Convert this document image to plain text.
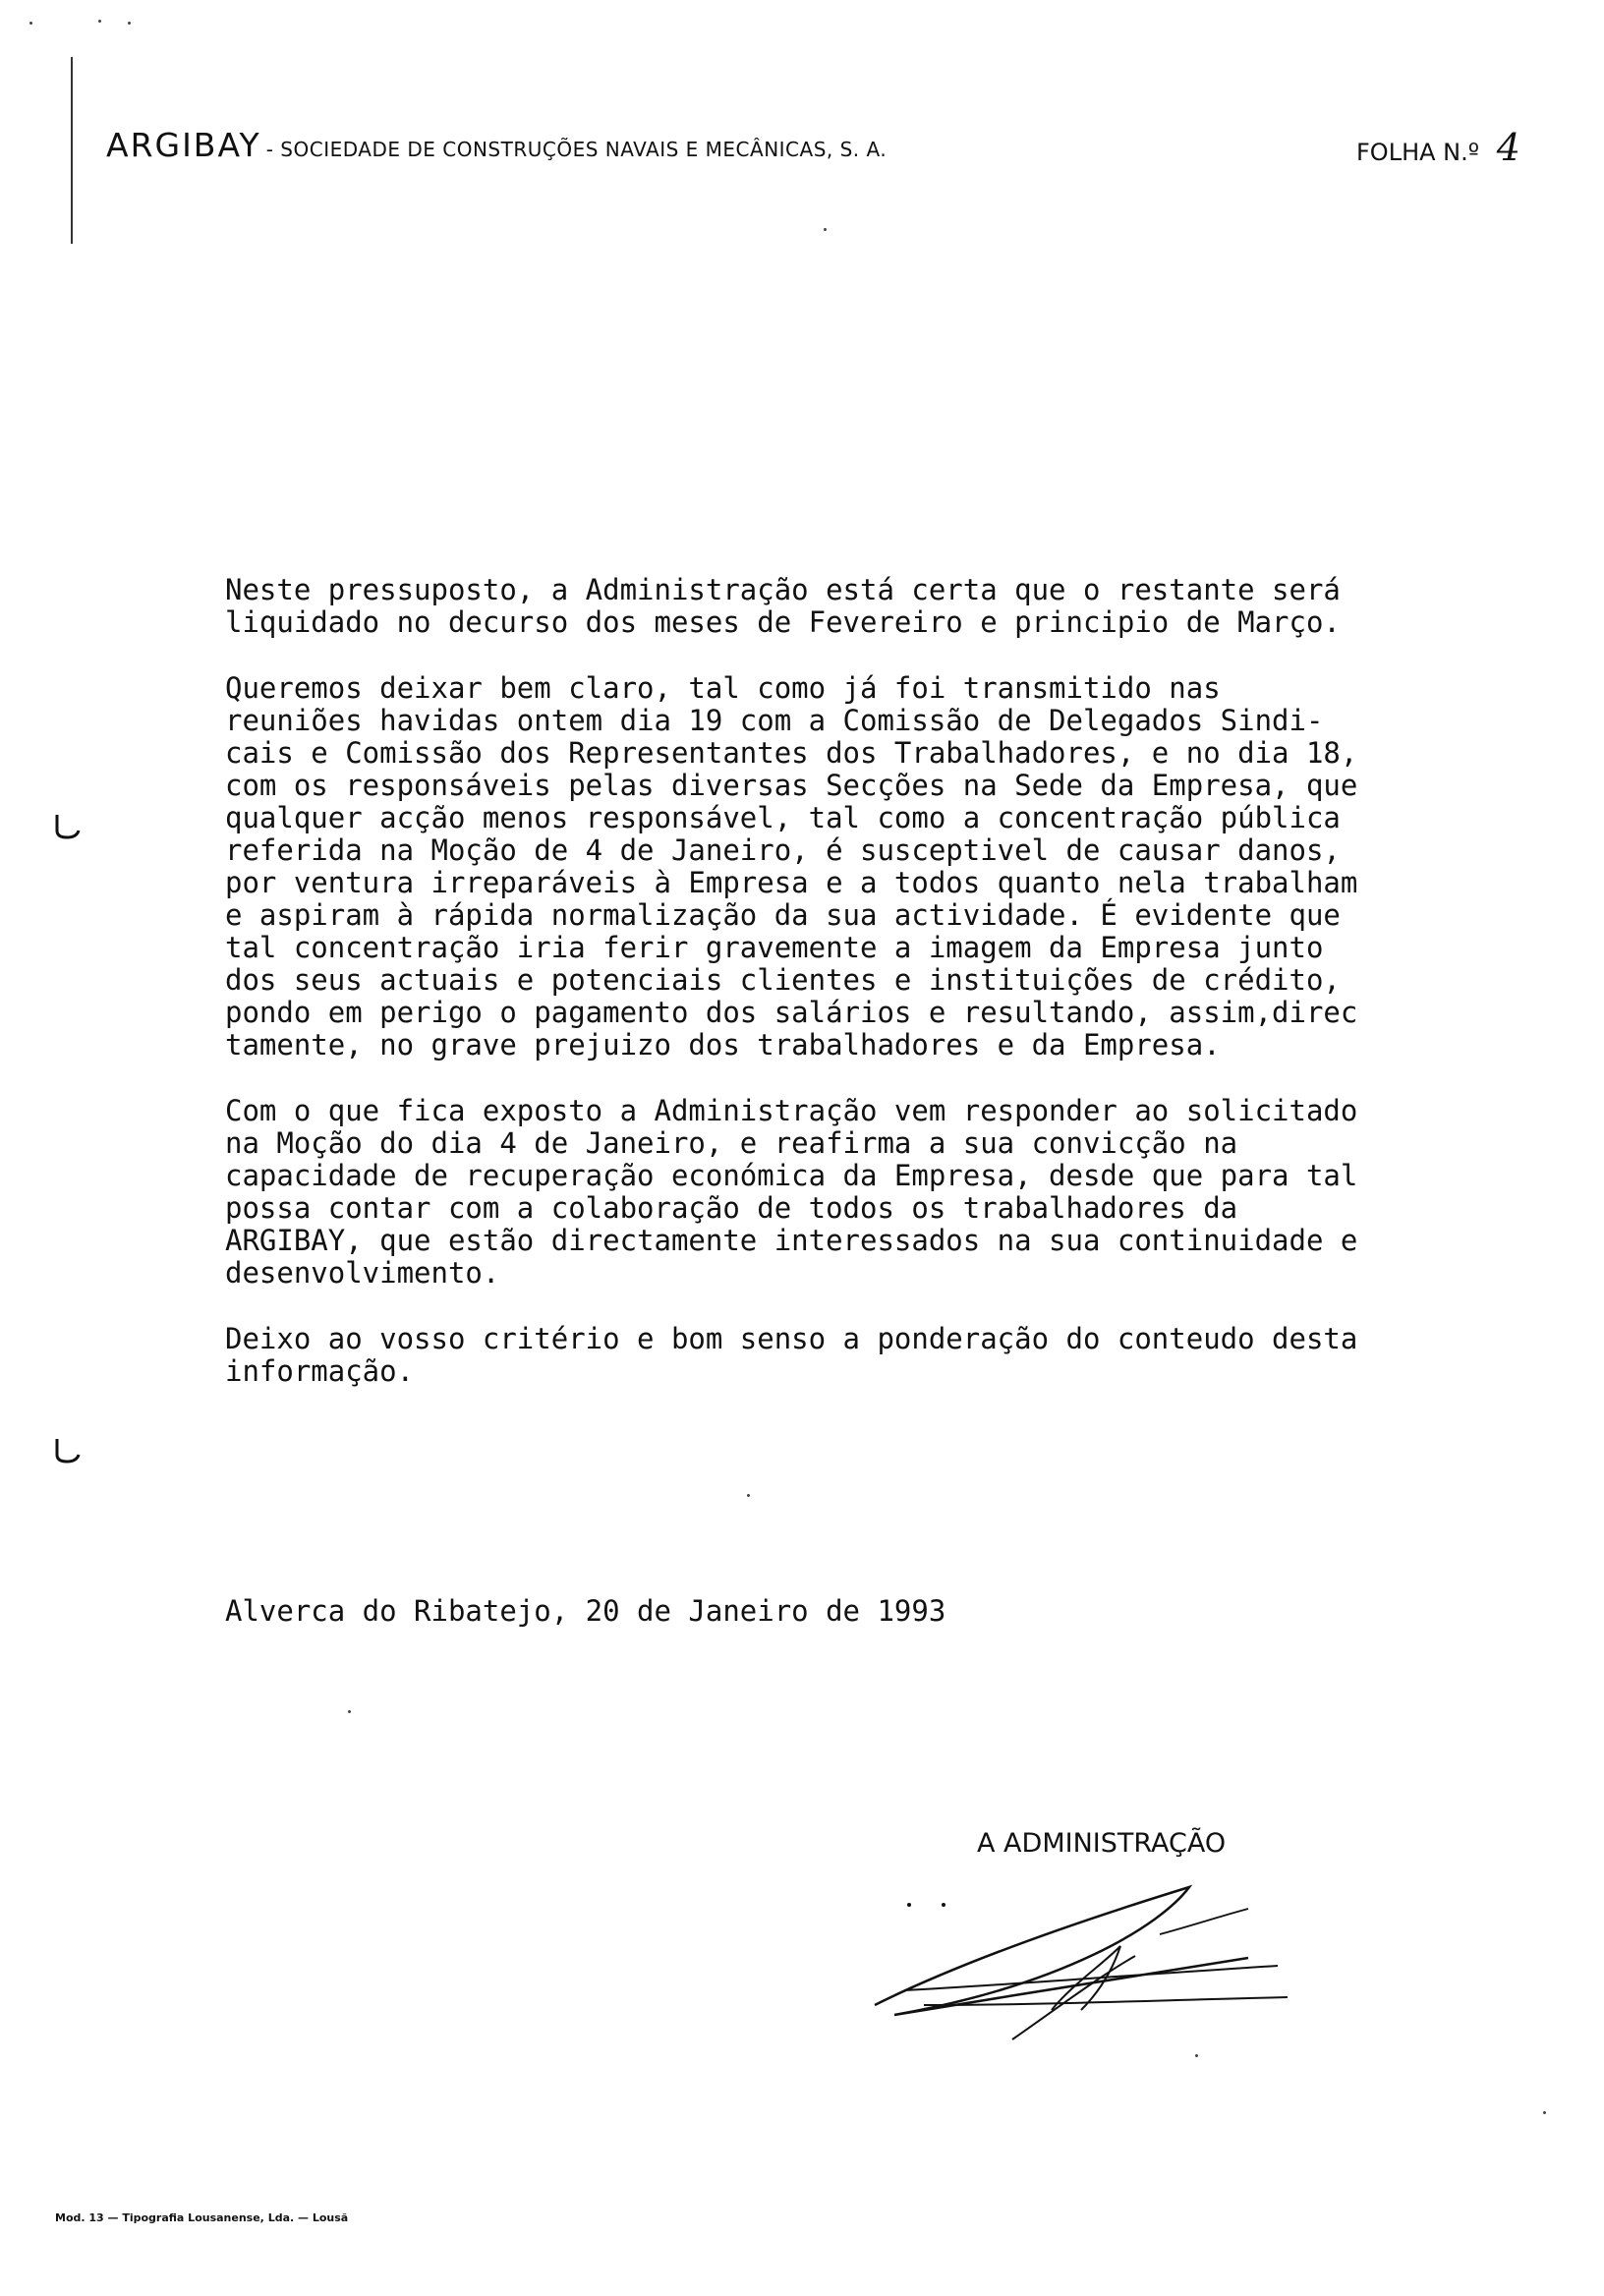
ARGIBAY - SOCIEDADE DE CONSTRUÇÕES NAVAIS E MECÂNICAS, S. A.	FOLHA N.º 4

Neste pressuposto, a Administração está certa que o restante será
liquidado no decurso dos meses de Fevereiro e principio de Março.

Queremos deixar bem claro, tal como já foi transmitido nas
reuniões havidas ontem dia 19 com a Comissão de Delegados Sindi-
cais e Comissão dos Representantes dos Trabalhadores, e no dia 18,
com os responsáveis pelas diversas Secções na Sede da Empresa, que
qualquer acção menos responsável, tal como a concentração pública
referida na Moção de 4 de Janeiro, é susceptivel de causar danos,
por ventura irreparáveis à Empresa e a todos quanto nela trabalham
e aspiram à rápida normalização da sua actividade. É evidente que
tal concentração iria ferir gravemente a imagem da Empresa junto
dos seus actuais e potenciais clientes e instituições de crédito,
pondo em perigo o pagamento dos salários e resultando, assim,direc
tamente, no grave prejuizo dos trabalhadores e da Empresa.

Com o que fica exposto a Administração vem responder ao solicitado
na Moção do dia 4 de Janeiro, e reafirma a sua convicção na
capacidade de recuperação económica da Empresa, desde que para tal
possa contar com a colaboração de todos os trabalhadores da
ARGIBAY, que estão directamente interessados na sua continuidade e
desenvolvimento.

Deixo ao vosso critério e bom senso a ponderação do conteudo desta
informação.

Alverca do Ribatejo, 20 de Janeiro de 1993
A ADMINISTRAÇÃO
Mod. 13 — Tipografia Lousanense, Lda. — Lousã
